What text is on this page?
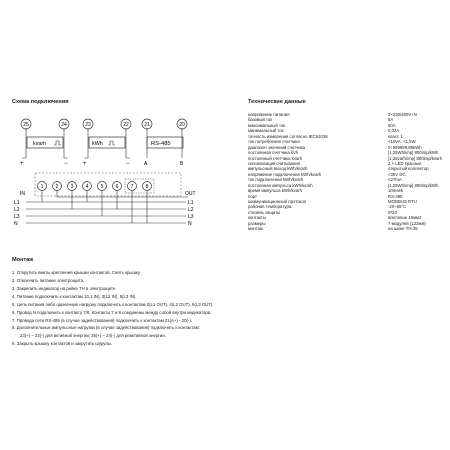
Схема подключения	Технические данные
25	24	23	22	21	20
kvarh	kWh	RS-485
+	−	+	−	A	B
1 2 3 4 5 6 7 8
IN	OUT
L1
L2
L3
N
L1
L2
L3
N
напряжение питания	3×230/400V+N
базовый ток	5A
максимальный ток	60A
минимальный ток	0,02A
точность измерения согласно IEC61036	класс 1
ток потребления счетчика	<10VA; <1,5W
диапазон значений счетчика	0÷999999,99kWh
постоянная счетчика kVh	[1,25Wh/imp] 800imp/kWh
постоянный счетчика kvarh	[1,25varh/imp] 800imp/kvarh
сигнализация считывания	2 × LED красные
импульсный выход kWh/kvarh	открытый коллектор
напряжение подключения kWh/kvarh	<30V DC
ток подключения kWh/kvarh	<27mA
постоянная импульса kWh/kvarh	[1,25Wh/imp] 800imp/kWh
время импульса kWh/kvarh	10msek
порт	RS-485
коммуникационный протокол	MODBUS RTU
рабочая температура	-20÷55°C
степень защиты	IP20
контакты	винтовые 16мм2
размеры	7 модулей (122мм)
монтаж	на шине TH-35
Монтаж
1. Открутить винты крепления крышки контактов. Снять крышку.
2. Отключить питание электрощита.
3. Закрепить индикатор на рейке ТН в электрощите.
4. Питание подключить к контактам 10,1 IN), 3(L2 IN), 5(L3 IN).
5. Цепь питания либо одиночную нагрузку подключить к контактам 2(L1 OUT), 4(L2 OUT), 6(L3 OUT).
6. Провод N подключить к контакту 7/8. Контакты 7 и 8 соединены между собой внутри индикатора.
7. Провода сети RS-485 (в случае задействования) подключить к контактам 21(A+) - 20(-).
8. Дополнительные импульсные нагрузки (в случае задействования) подключить к контактам:
23(+) – 22(-) для активной энергии; 25(+) – 24(-) для реактивной энергии.
9. Закрыть крышку контактов и закрутить шурупы.
